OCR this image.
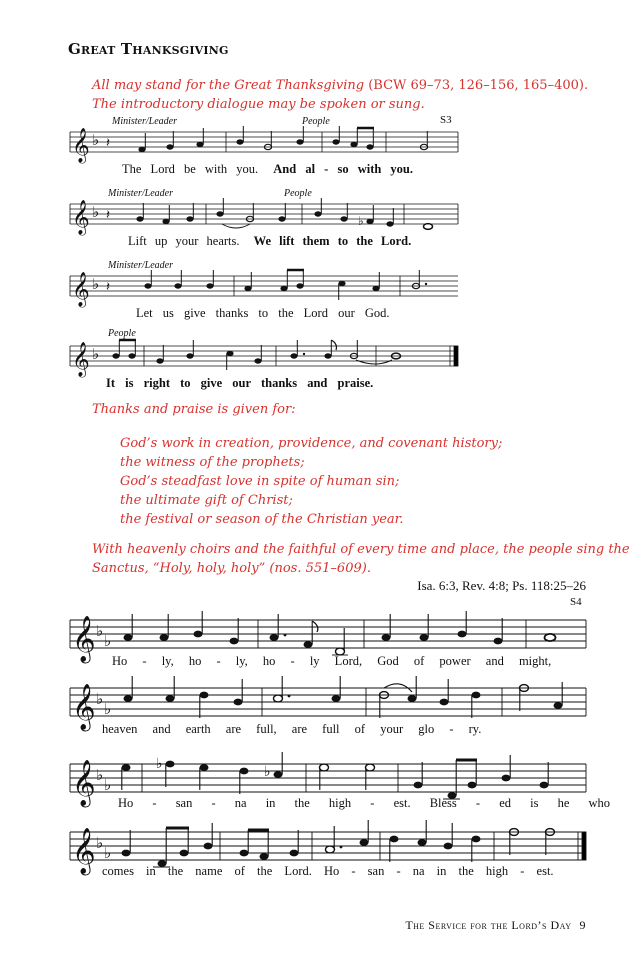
Great Thanksgiving
All may stand for the Great Thanksgiving (BCW 69–73, 126–156, 165–400).
The introductory dialogue may be spoken or sung.
𝄞 ♭ 𝄽
Minister/Leader	People	S3
The Lord be with you. And al - so with you.
𝄞 ♭ 𝄽	♭
Minister/Leader	People
Lift up your hearts. We lift them to the Lord.
𝄞 ♭ 𝄽
Minister/Leader
Let us give thanks to the Lord our God.
𝄞 ♭
People
It is right to give our thanks and praise.
Thanks and praise is given for:
God’s work in creation, providence, and covenant history;
the witness of the prophets;
God’s steadfast love in spite of human sin;
the ultimate gift of Christ;
the festival or season of the Christian year.
With heavenly choirs and the faithful of every time and place, the people sing the
Sanctus, “Holy, holy, holy” (nos. 551–609).
Isa. 6:3, Rev. 4:8; Ps. 118:25–26
S4
𝄞 ♭
♭
Ho - ly, ho - ly, ho - ly Lord, God of power and might,
𝄞 ♭
♭
heaven and earth are full, are full of your glo - ry.
𝄞 ♭
♭
♭	♭
Ho - san - na in the high - est. Bless - ed is he who
𝄞 ♭
♭
comes in the name of the Lord. Ho - san - na in the high - est.
The Service for the Lord’s Day 9
